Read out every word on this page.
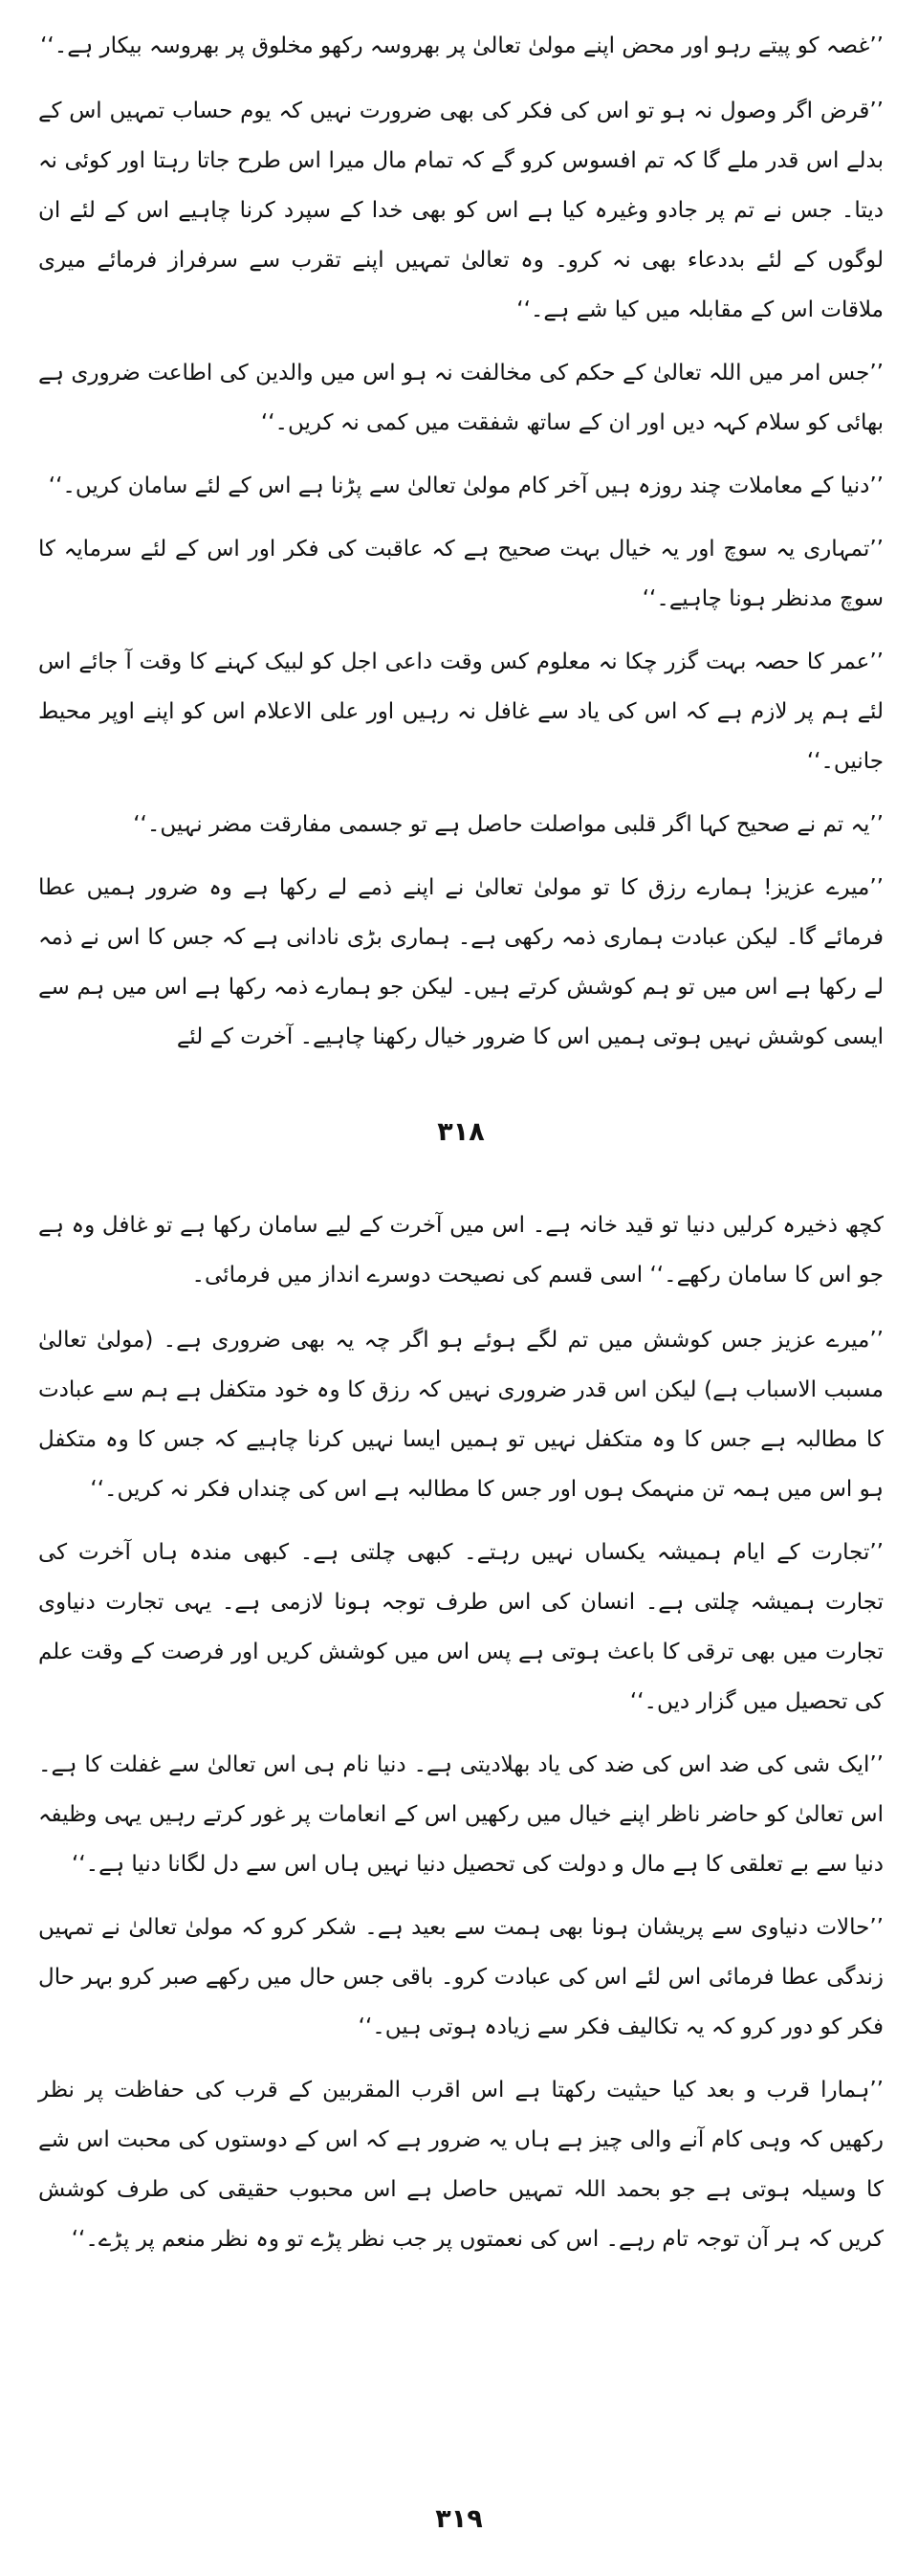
’’غصہ کو پیتے رہو اور محض اپنے مولیٰ تعالیٰ پر بھروسہ رکھو مخلوق پر بھروسہ بیکار ہے۔‘‘

’’قرض اگر وصول نہ ہو تو اس کی فکر کی بھی ضرورت نہیں کہ یوم حساب تمہیں اس کے بدلے اس قدر ملے گا کہ تم افسوس کرو گے کہ تمام مال میرا اس طرح جاتا رہتا اور کوئی نہ دیتا۔ جس نے تم پر جادو وغیرہ کیا ہے اس کو بھی خدا کے سپرد کرنا چاہیے اس کے لئے ان لوگوں کے لئے بددعاء بھی نہ کرو۔ وہ تعالیٰ تمہیں اپنے تقرب سے سرفراز فرمائے میری ملاقات اس کے مقابلہ میں کیا شے ہے۔‘‘

’’جس امر میں اللہ تعالیٰ کے حکم کی مخالفت نہ ہو اس میں والدین کی اطاعت ضروری ہے بھائی کو سلام کہہ دیں اور ان کے ساتھ شفقت میں کمی نہ کریں۔‘‘

’’دنیا کے معاملات چند روزہ ہیں آخر کام مولیٰ تعالیٰ سے پڑنا ہے اس کے لئے سامان کریں۔‘‘

’’تمہاری یہ سوچ اور یہ خیال بہت صحیح ہے کہ عاقبت کی فکر اور اس کے لئے سرمایہ کا سوچ مدنظر ہونا چاہیے۔‘‘

’’عمر کا حصہ بہت گزر چکا نہ معلوم کس وقت داعی اجل کو لبیک کہنے کا وقت آ جائے اس لئے ہم پر لازم ہے کہ اس کی یاد سے غافل نہ رہیں اور علی الاعلام اس کو اپنے اوپر محیط جانیں۔‘‘

’’یہ تم نے صحیح کہا اگر قلبی مواصلت حاصل ہے تو جسمی مفارقت مضر نہیں۔‘‘

’’میرے عزیز! ہمارے رزق کا تو مولیٰ تعالیٰ نے اپنے ذمے لے رکھا ہے وہ ضرور ہمیں عطا فرمائے گا۔ لیکن عبادت ہماری ذمہ رکھی ہے۔ ہماری بڑی نادانی ہے کہ جس کا اس نے ذمہ لے رکھا ہے اس میں تو ہم کوشش کرتے ہیں۔ لیکن جو ہمارے ذمہ رکھا ہے اس میں ہم سے ایسی کوشش نہیں ہوتی ہمیں اس کا ضرور خیال رکھنا چاہیے۔ آخرت کے لئے

۳۱۸

کچھ ذخیرہ کرلیں دنیا تو قید خانہ ہے۔ اس میں آخرت کے لیے سامان رکھا ہے تو غافل وہ ہے جو اس کا سامان رکھے۔‘‘ اسی قسم کی نصیحت دوسرے انداز میں فرمائی۔

’’میرے عزیز جس کوشش میں تم لگے ہوئے ہو اگر چہ یہ بھی ضروری ہے۔ (مولیٰ تعالیٰ مسبب الاسباب ہے) لیکن اس قدر ضروری نہیں کہ رزق کا وہ خود متکفل ہے ہم سے عبادت کا مطالبہ ہے جس کا وہ متکفل نہیں تو ہمیں ایسا نہیں کرنا چاہیے کہ جس کا وہ متکفل ہو اس میں ہمہ تن منہمک ہوں اور جس کا مطالبہ ہے اس کی چنداں فکر نہ کریں۔‘‘

’’تجارت کے ایام ہمیشہ یکساں نہیں رہتے۔ کبھی چلتی ہے۔ کبھی مندہ ہاں آخرت کی تجارت ہمیشہ چلتی ہے۔ انسان کی اس طرف توجہ ہونا لازمی ہے۔ یہی تجارت دنیاوی تجارت میں بھی ترقی کا باعث ہوتی ہے پس اس میں کوشش کریں اور فرصت کے وقت علم کی تحصیل میں گزار دیں۔‘‘

’’ایک شی کی ضد اس کی ضد کی یاد بھلادیتی ہے۔ دنیا نام ہی اس تعالیٰ سے غفلت کا ہے۔ اس تعالیٰ کو حاضر ناظر اپنے خیال میں رکھیں اس کے انعامات پر غور کرتے رہیں یہی وظیفہ دنیا سے بے تعلقی کا ہے مال و دولت کی تحصیل دنیا نہیں ہاں اس سے دل لگانا دنیا ہے۔‘‘

’’حالات دنیاوی سے پریشان ہونا بھی ہمت سے بعید ہے۔ شکر کرو کہ مولیٰ تعالیٰ نے تمہیں زندگی عطا فرمائی اس لئے اس کی عبادت کرو۔ باقی جس حال میں رکھے صبر کرو بہر حال فکر کو دور کرو کہ یہ تکالیف فکر سے زیادہ ہوتی ہیں۔‘‘

’’ہمارا قرب و بعد کیا حیثیت رکھتا ہے اس اقرب المقربین کے قرب کی حفاظت پر نظر رکھیں کہ وہی کام آنے والی چیز ہے ہاں یہ ضرور ہے کہ اس کے دوستوں کی محبت اس شے کا وسیلہ ہوتی ہے جو بحمد اللہ تمہیں حاصل ہے اس محبوب حقیقی کی طرف کوشش کریں کہ ہر آن توجہ تام رہے۔ اس کی نعمتوں پر جب نظر پڑے تو وہ نظر منعم پر پڑے۔‘‘

۳۱۹
